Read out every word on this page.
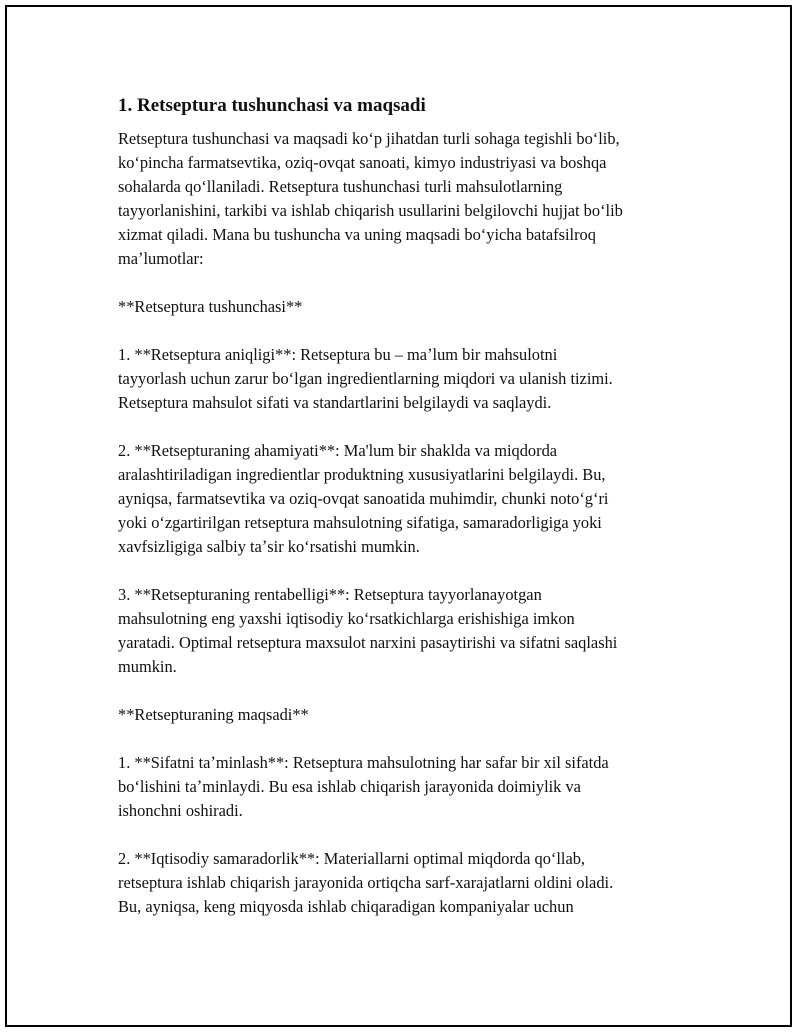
1. Retseptura tushunchasi va maqsadi

Retseptura tushunchasi va maqsadi koʻp jihatdan turli sohaga tegishli boʻlib,
koʻpincha farmatsevtika, oziq-ovqat sanoati, kimyo industriyasi va boshqa
sohalarda qoʻllaniladi. Retseptura tushunchasi turli mahsulotlarning
tayyorlanishini, tarkibi va ishlab chiqarish usullarini belgilovchi hujjat boʻlib
xizmat qiladi. Mana bu tushuncha va uning maqsadi boʻyicha batafsilroq
maʼlumotlar:

**Retseptura tushunchasi**

1. **Retseptura aniqligi**: Retseptura bu – maʼlum bir mahsulotni
tayyorlash uchun zarur boʻlgan ingredientlarning miqdori va ulanish tizimi.
Retseptura mahsulot sifati va standartlarini belgilaydi va saqlaydi.

2. **Retsepturaning ahamiyati**: Ma'lum bir shaklda va miqdorda
aralashtiriladigan ingredientlar produktning xususiyatlarini belgilaydi. Bu,
ayniqsa, farmatsevtika va oziq-ovqat sanoatida muhimdir, chunki notoʻgʻri
yoki oʻzgartirilgan retseptura mahsulotning sifatiga, samaradorligiga yoki
xavfsizligiga salbiy taʼsir koʻrsatishi mumkin.

3. **Retsepturaning rentabelligi**: Retseptura tayyorlanayotgan
mahsulotning eng yaxshi iqtisodiy koʻrsatkichlarga erishishiga imkon
yaratadi. Optimal retseptura maxsulot narxini pasaytirishi va sifatni saqlashi
mumkin.

**Retsepturaning maqsadi**

1. **Sifatni taʼminlash**: Retseptura mahsulotning har safar bir xil sifatda
boʻlishini taʼminlaydi. Bu esa ishlab chiqarish jarayonida doimiylik va
ishonchni oshiradi.

2. **Iqtisodiy samaradorlik**: Materiallarni optimal miqdorda qoʻllab,
retseptura ishlab chiqarish jarayonida ortiqcha sarf-xarajatlarni oldini oladi.
Bu, ayniqsa, keng miqyosda ishlab chiqaradigan kompaniyalar uchun
